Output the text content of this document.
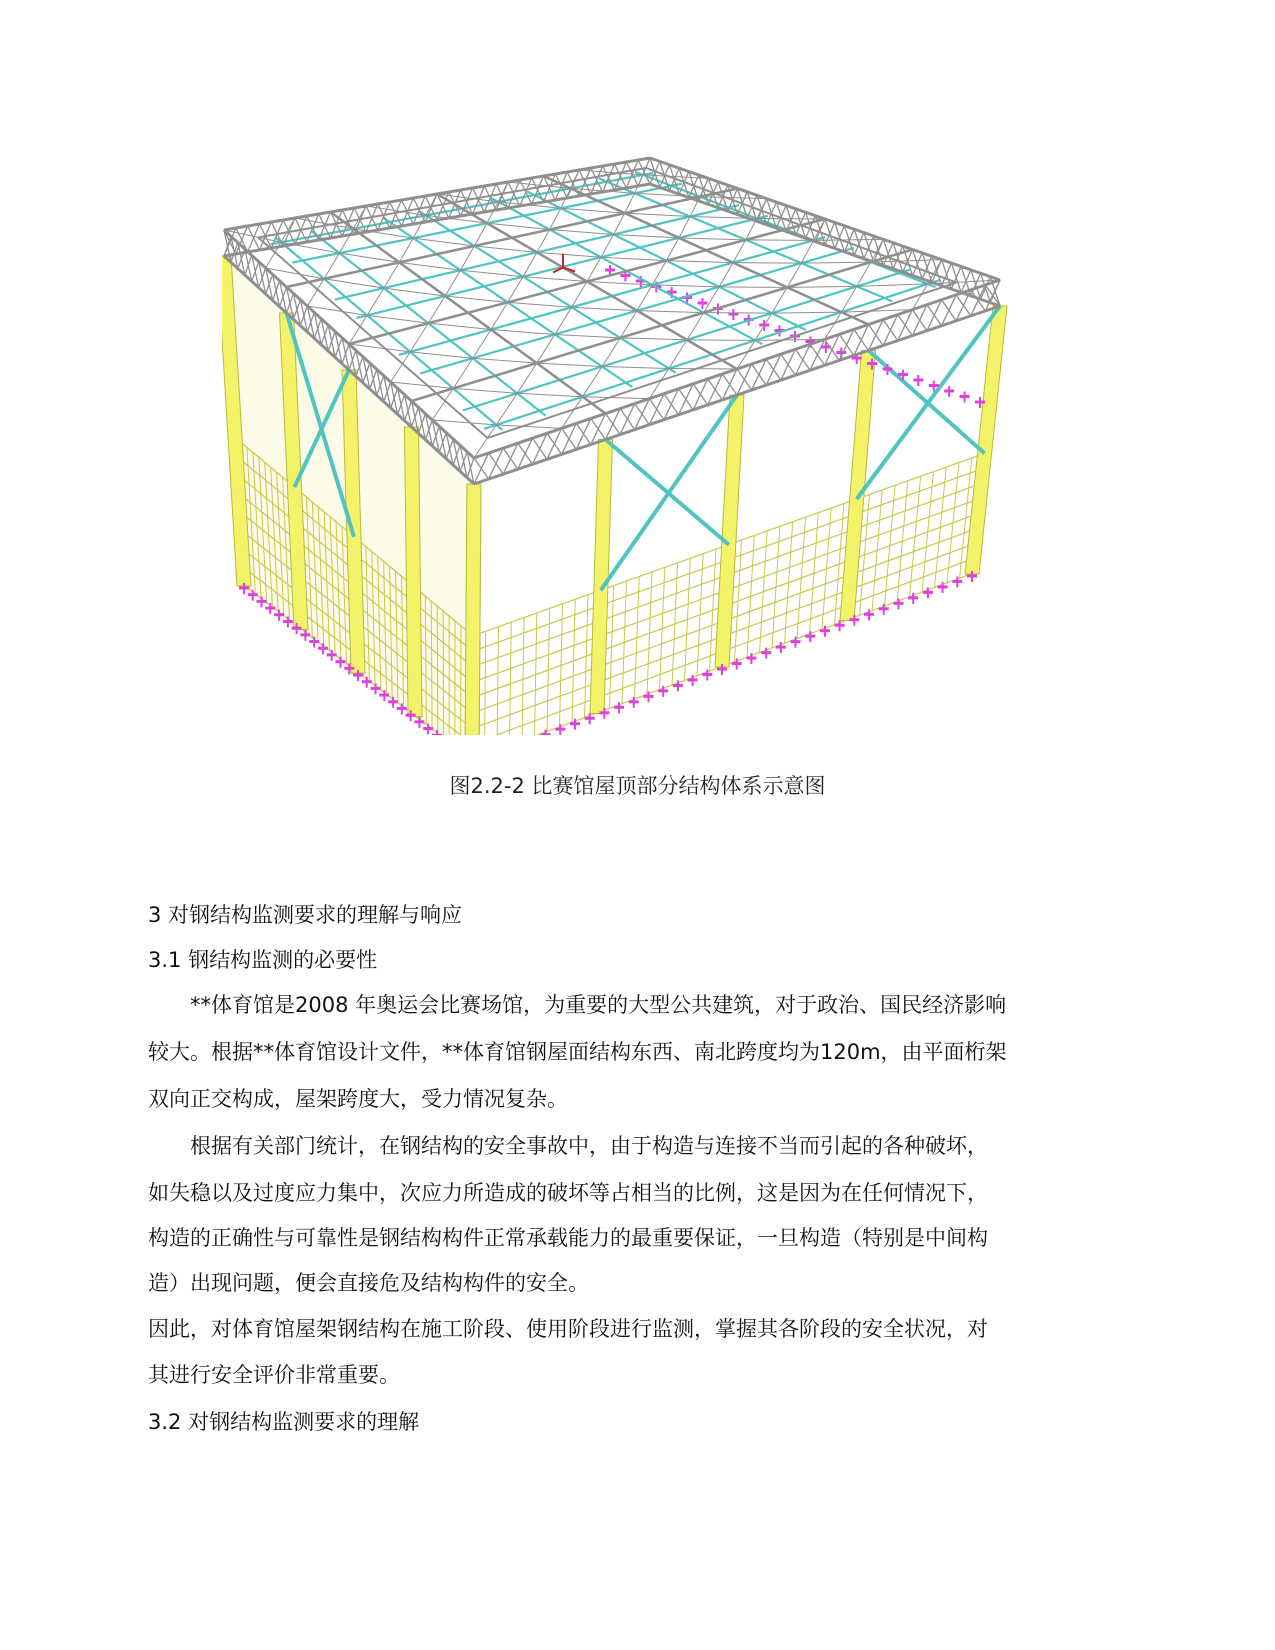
图2.2-2 比赛馆屋顶部分结构体系示意图
3 对钢结构监测要求的理解与响应
3.1 钢结构监测的必要性
**体育馆是2008 年奥运会比赛场馆，为重要的大型公共建筑，对于政治、国民经济影响
较大。根据**体育馆设计文件，**体育馆钢屋面结构东西、南北跨度均为120m，由平面桁架
双向正交构成，屋架跨度大，受力情况复杂。
根据有关部门统计，在钢结构的安全事故中，由于构造与连接不当而引起的各种破坏，
如失稳以及过度应力集中，次应力所造成的破坏等占相当的比例，这是因为在任何情况下，
构造的正确性与可靠性是钢结构构件正常承载能力的最重要保证，一旦构造（特别是中间构
造）出现问题，便会直接危及结构构件的安全。
因此，对体育馆屋架钢结构在施工阶段、使用阶段进行监测，掌握其各阶段的安全状况，对
其进行安全评价非常重要。
3.2 对钢结构监测要求的理解
